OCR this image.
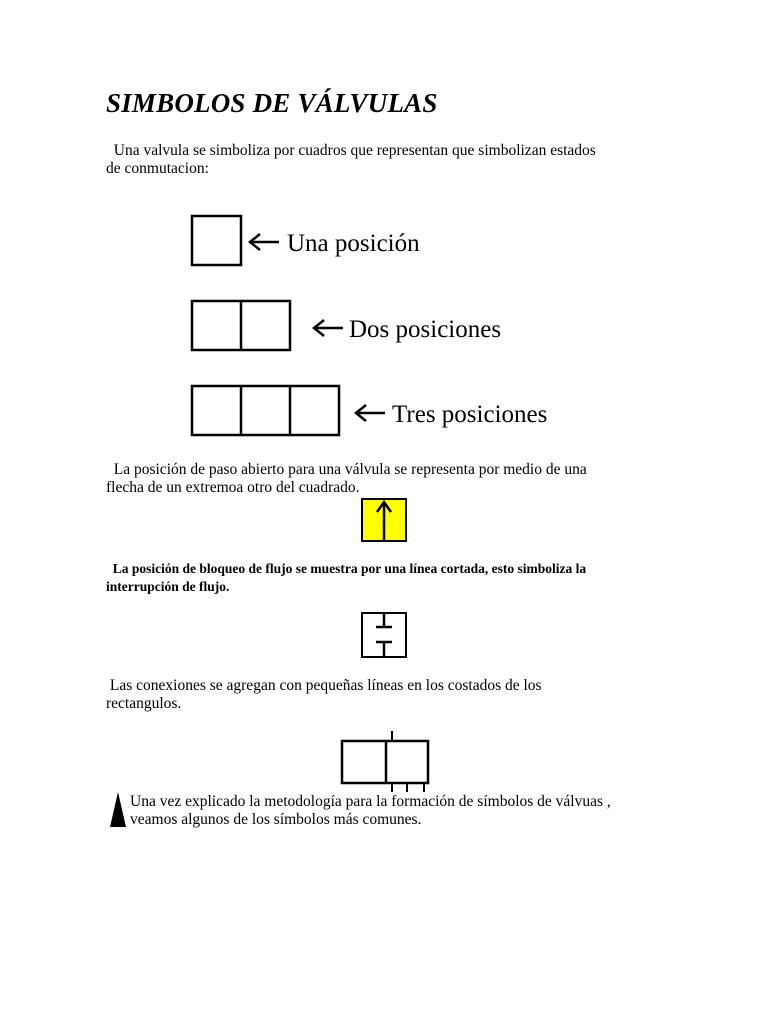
SIMBOLOS DE VÁLVULAS

Una valvula se simboliza por cuadros que representan que simbolizan estados
de conmutacion:

Una posición
Dos posiciones
Tres posiciones

La posición de paso abierto para una válvula se representa por medio de una
flecha de un extremoa otro del cuadrado.

La posición de bloqueo de flujo se muestra por una línea cortada, esto simboliza la
interrupción de flujo.

Las conexiones se agregan con pequeñas líneas en los costados de los
rectangulos.

Una vez explicado la metodología para la formación de símbolos de válvuas ,
veamos algunos de los símbolos más comunes.
